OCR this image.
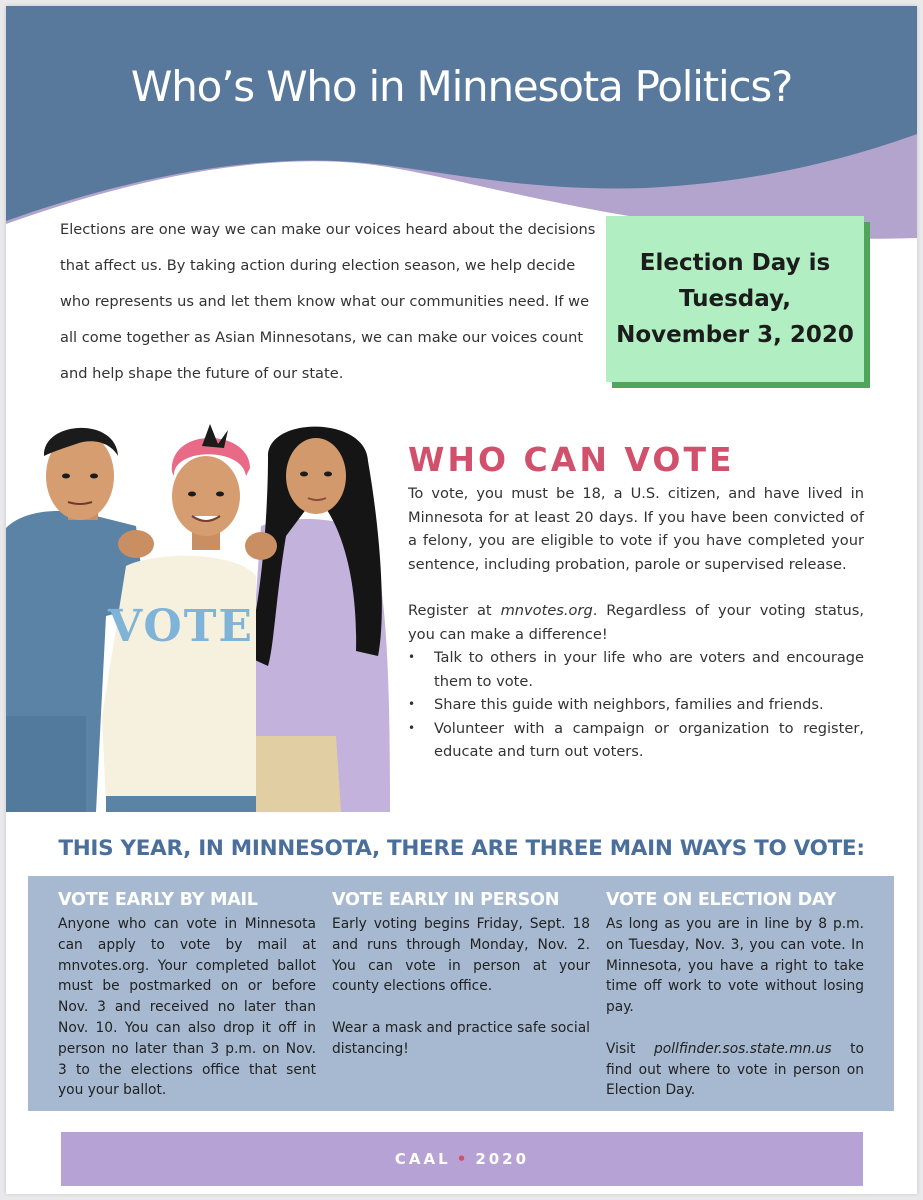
Who’s Who in Minnesota Politics?

Elections are one way we can make our voices heard about the decisions that affect us. By taking action during election season, we help decide who represents us and let them know what our communities need. If we all come together as Asian Minnesotans, we can make our voices count and help shape the future of our state.

Election Day is
Tuesday,
November 3, 2020

VOTE
WHO CAN VOTE

To vote, you must be 18, a U.S. citizen, and have lived in Minnesota for at least 20 days. If you have been convicted of a felony, you are eligible to vote if you have completed your sentence, including probation, parole or supervised release.

Register at mnvotes.org. Regardless of your voting status, you can make a difference!

• Talk to others in your life who are voters and encourage them to vote.
• Share this guide with neighbors, families and friends.
• Volunteer with a campaign or organization to register, educate and turn out voters.
THIS YEAR, IN MINNESOTA, THERE ARE THREE MAIN WAYS TO VOTE:
VOTE EARLY BY MAIL

Anyone who can vote in Minnesota can apply to vote by mail at mnvotes.org. Your completed ballot must be postmarked on or before Nov. 3 and received no later than Nov. 10. You can also drop it off in person no later than 3 p.m. on Nov. 3 to the elections office that sent you your ballot.

VOTE EARLY IN PERSON

Early voting begins Friday, Sept. 18 and runs through Monday, Nov. 2. You can vote in person at your county elections office.

Wear a mask and practice safe social distancing!

VOTE ON ELECTION DAY

As long as you are in line by 8 p.m. on Tuesday, Nov. 3, you can vote. In Minnesota, you have a right to take time off work to vote without losing pay.

Visit pollfinder.sos.state.mn.us to find out where to vote in person on Election Day.

CAAL • 2020
